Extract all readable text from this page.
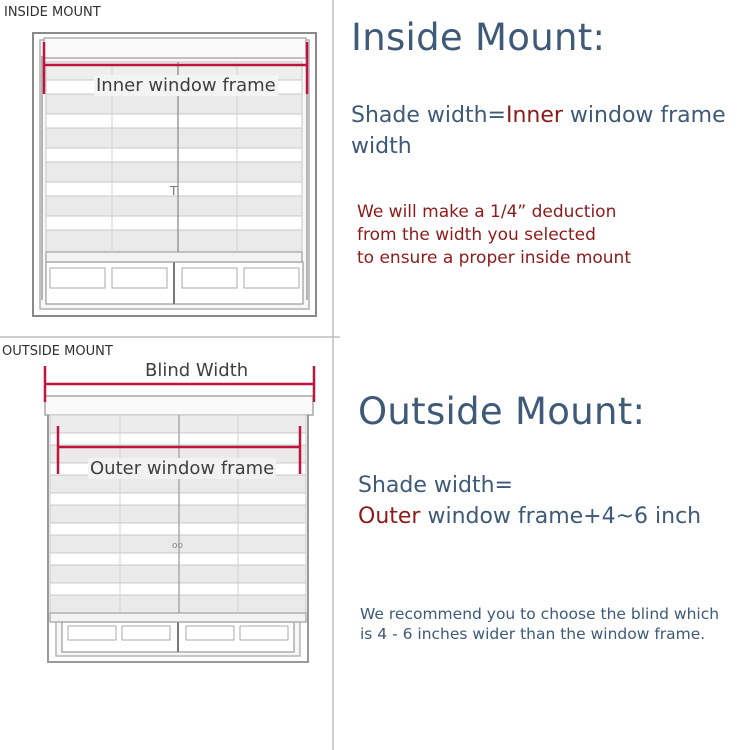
T
oo
INSIDE MOUNT
Inner window frame
OUTSIDE MOUNT
Blind Width
Outer window frame
Inside Mount:
Shade width=Inner window frame width
We will make a 1/4” deduction
from the width you selected
to ensure a proper inside mount
Outside Mount:
Shade width=
Outer window frame+4~6 inch
We recommend you to choose the blind which
is 4 - 6 inches wider than the window frame.
